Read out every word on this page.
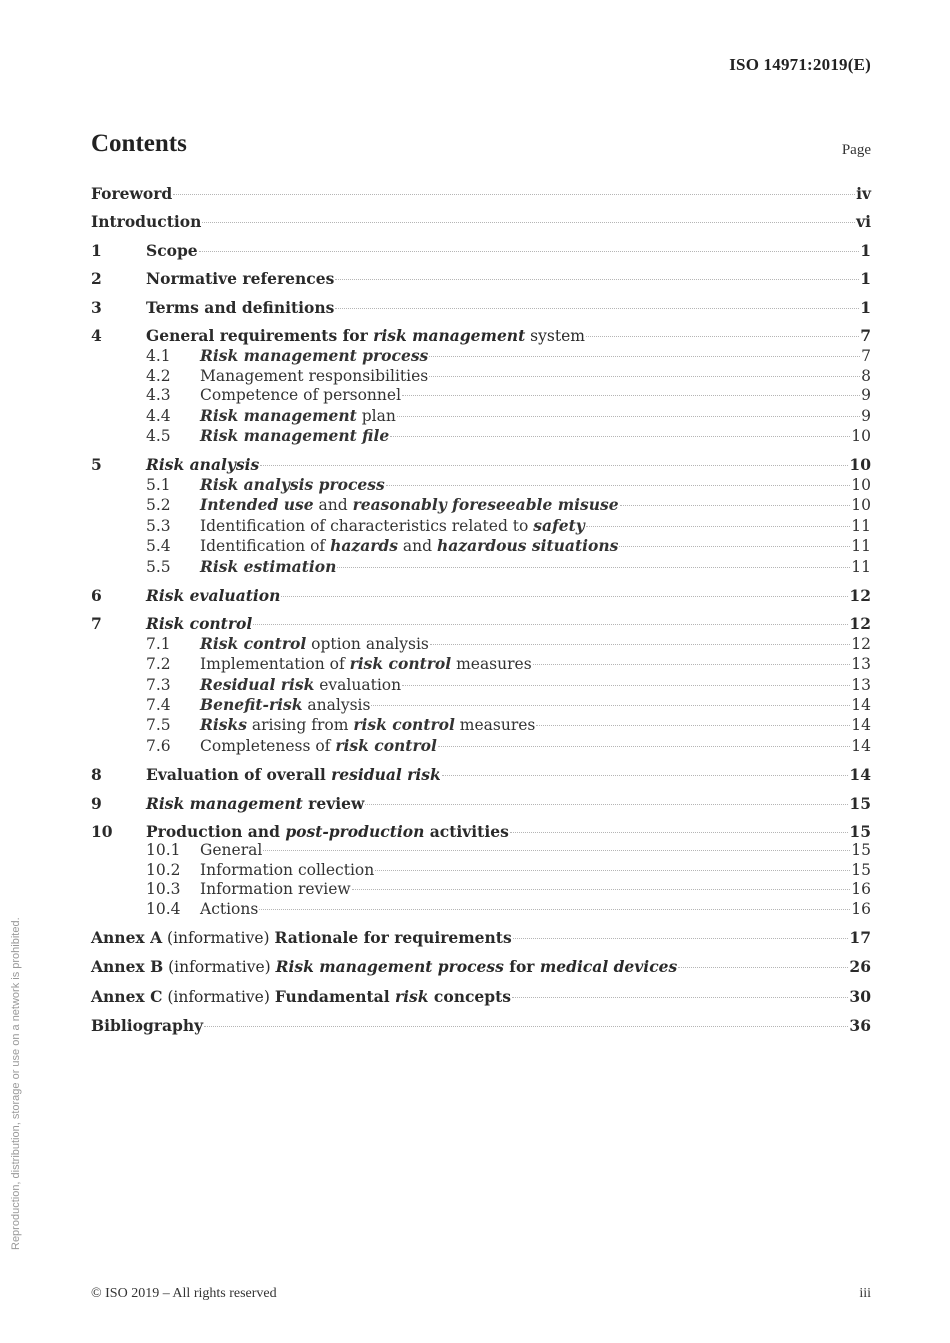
ISO 14971:2019(E)
Contents	Page
Foreword	iv
Introduction	vi
1	Scope	1
2	Normative references	1
3	Terms and definitions	1
4	General requirements for risk management system	7
4.1	Risk management process	7
4.2	Management responsibilities	8
4.3	Competence of personnel	9
4.4	Risk management plan	9
4.5	Risk management file	10
5	Risk analysis	10
5.1	Risk analysis process	10
5.2	Intended use and reasonably foreseeable misuse	10
5.3	Identification of characteristics related to safety	11
5.4	Identification of hazards and hazardous situations	11
5.5	Risk estimation	11
6	Risk evaluation	12
7	Risk control	12
7.1	Risk control option analysis	12
7.2	Implementation of risk control measures	13
7.3	Residual risk evaluation	13
7.4	Benefit-risk analysis	14
7.5	Risks arising from risk control measures	14
7.6	Completeness of risk control	14
8	Evaluation of overall residual risk	14
9	Risk management review	15
10	Production and post-production activities	15
10.1	General	15
10.2	Information collection	15
10.3	Information review	16
10.4	Actions	16
Annex A (informative) Rationale for requirements	17
Annex B (informative) Risk management process for medical devices	26
Annex C (informative) Fundamental risk concepts	30
Bibliography	36
Reproduction, distribution, storage or use on a network is prohibited.
© ISO 2019 – All rights reserved	iii
